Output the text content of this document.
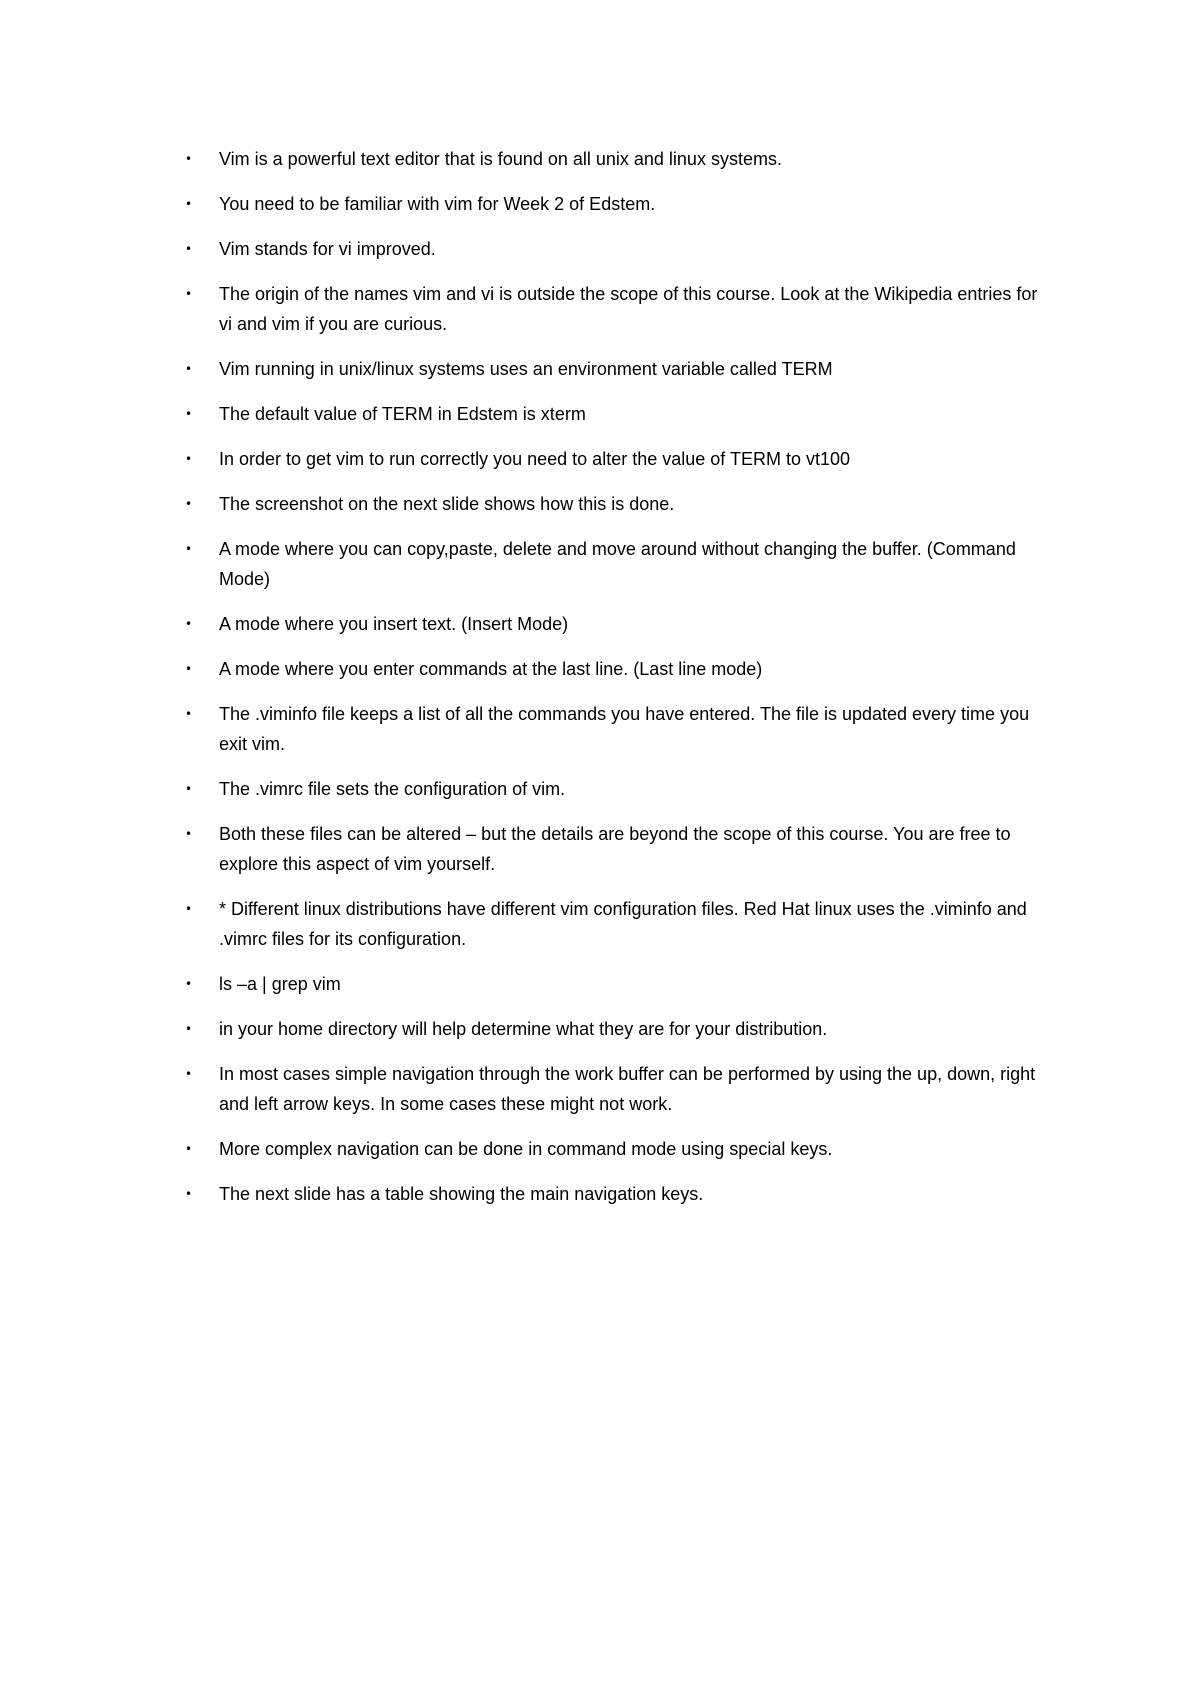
• Vim is a powerful text editor that is found on all unix and linux systems.
• You need to be familiar with vim for Week 2 of Edstem.
• Vim stands for vi improved.
• The origin of the names vim and vi is outside the scope of this course. Look at the Wikipedia entries for vi and vim if you are curious.
• Vim running in unix/linux systems uses an environment variable called TERM
• The default value of TERM in Edstem is xterm
• In order to get vim to run correctly you need to alter the value of TERM to vt100
• The screenshot on the next slide shows how this is done.
• A mode where you can copy,paste, delete and move around without changing the buffer. (Command Mode)
• A mode where you insert text. (Insert Mode)
• A mode where you enter commands at the last line. (Last line mode)
• The .viminfo file keeps a list of all the commands you have entered. The file is updated every time you exit vim.
• The .vimrc file sets the configuration of vim.
• Both these files can be altered – but the details are beyond the scope of this course. You are free to explore this aspect of vim yourself.
• * Different linux distributions have different vim configuration files. Red Hat linux uses the .viminfo and .vimrc files for its configuration.
• ls –a | grep vim
• in your home directory will help determine what they are for your distribution.
• In most cases simple navigation through the work buffer can be performed by using the up, down, right and left arrow keys. In some cases these might not work.
• More complex navigation can be done in command mode using special keys.
• The next slide has a table showing the main navigation keys.
